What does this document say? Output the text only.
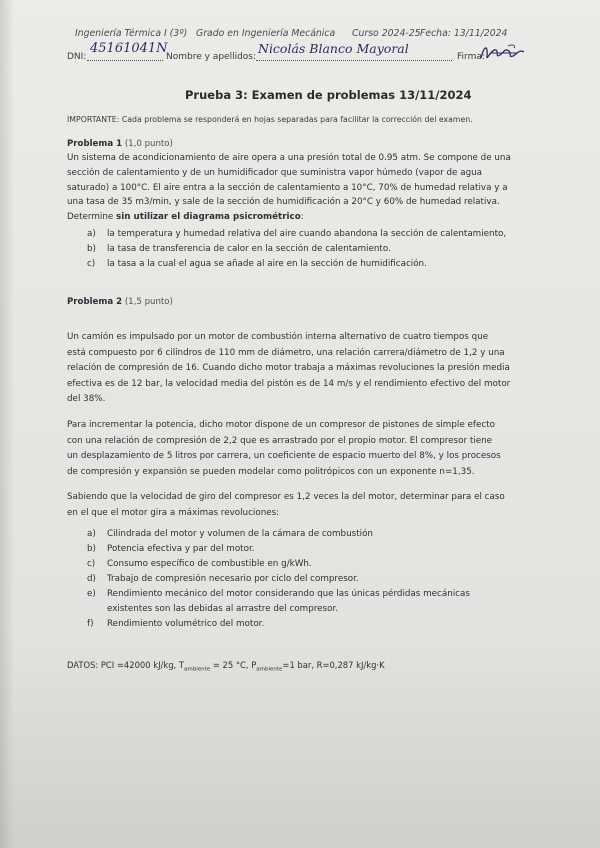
Ingeniería Térmica I (3º) Grado en Ingeniería Mecánica Curso 2024-25 Fecha: 13/11/2024
DNI:
45161041N
Nombre y apellidos:
Nicolás Blanco Mayoral
Firma:
Prueba 3: Examen de problemas 13/11/2024
IMPORTANTE: Cada problema se responderá en hojas separadas para facilitar la corrección del examen.
Problema 1 (1,0 punto)
Un sistema de acondicionamiento de aire opera a una presión total de 0.95 atm. Se compone de una
sección de calentamiento y de un humidificador que suministra vapor húmedo (vapor de agua
saturado) a 100°C. El aire entra a la sección de calentamiento a 10°C, 70% de humedad relativa y a
una tasa de 35 m3/min, y sale de la sección de humidificación a 20°C y 60% de humedad relativa.
Determine sin utilizar el diagrama psicrométrico:
a) la temperatura y humedad relativa del aire cuando abandona la sección de calentamiento,
b) la tasa de transferencia de calor en la sección de calentamiento.
c) la tasa a la cual el agua se añade al aire en la sección de humidificación.
Problema 2 (1,5 punto)
Un camión es impulsado por un motor de combustión interna alternativo de cuatro tiempos que
está compuesto por 6 cilindros de 110 mm de diámetro, una relación carrera/diámetro de 1,2 y una
relación de compresión de 16. Cuando dicho motor trabaja a máximas revoluciones la presión media
efectiva es de 12 bar, la velocidad media del pistón es de 14 m/s y el rendimiento efectivo del motor
del 38%.
Para incrementar la potencia, dicho motor dispone de un compresor de pistones de simple efecto
con una relación de compresión de 2,2 que es arrastrado por el propio motor. El compresor tiene
un desplazamiento de 5 litros por carrera, un coeficiente de espacio muerto del 8%, y los procesos
de compresión y expansión se pueden modelar como politrópicos con un exponente n=1,35.
Sabiendo que la velocidad de giro del compresor es 1,2 veces la del motor, determinar para el caso
en el que el motor gira a máximas revoluciones:
a) Cilindrada del motor y volumen de la cámara de combustión
b) Potencia efectiva y par del motor.
c) Consumo específico de combustible en g/kWh.
d) Trabajo de compresión necesario por ciclo del compresor.
e) Rendimiento mecánico del motor considerando que las únicas pérdidas mecánicas
existentes son las debidas al arrastre del compresor.
f) Rendimiento volumétrico del motor.
DATOS: PCI =42000 kJ/kg, $T_{ambiente} = 25$ °C, $P_{ambiente}=1$ bar, R=0,287 kJ/kg·K
